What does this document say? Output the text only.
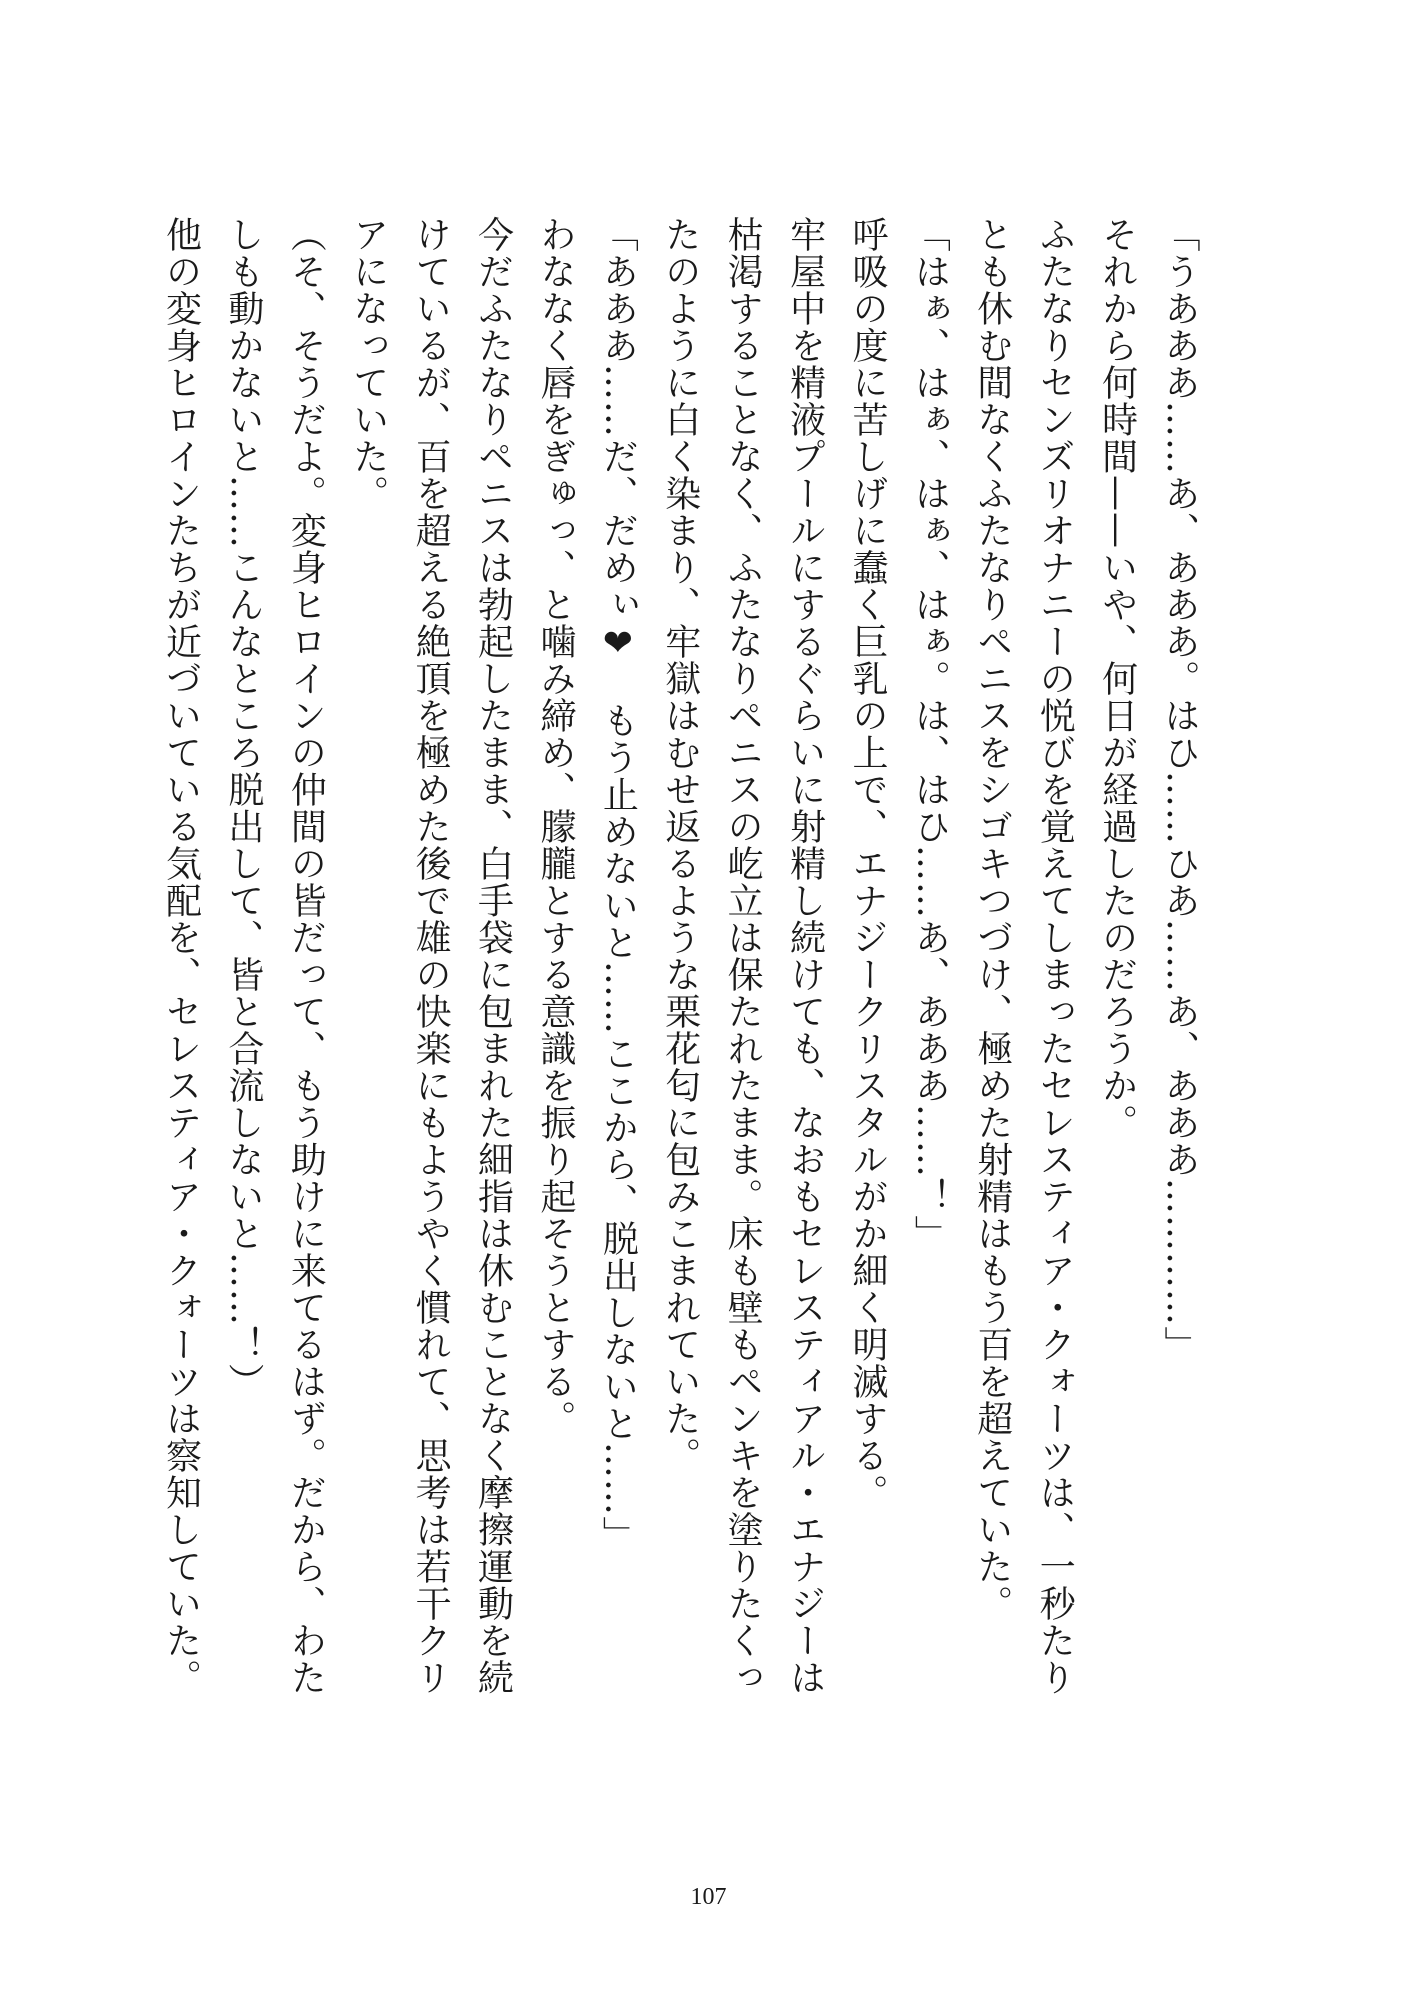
「うあああ……あ、あああ。はひ……ひあ……あ、あああ…………」

それから何時間——いや、何日が経過したのだろうか。

ふたなりセンズリオナニーの悦びを覚えてしまったセレスティア・クォーツは、一秒たりとも休む間なくふたなりペニスをシゴキつづけ、極めた射精はもう百を超えていた。

「はぁ、はぁ、はぁ、はぁ。は、はひ……あ、あああ……！」

呼吸の度に苦しげに蠢く巨乳の上で、エナジークリスタルがか細く明滅する。

牢屋中を精液プールにするぐらいに射精し続けても、なおもセレスティアル・エナジーは枯渇することなく、ふたなりペニスの屹立は保たれたまま。床も壁もペンキを塗りたくったのように白く染まり、牢獄はむせ返るような栗花匂に包みこまれていた。

「あああ……だ、だめぃ❤　もう止めないと……ここから、脱出しないと……」

わななく唇をぎゅっ、と噛み締め、朦朧とする意識を振り起そうとする。

今だふたなりペニスは勃起したまま、白手袋に包まれた細指は休むことなく摩擦運動を続けているが、百を超える絶頂を極めた後で雄の快楽にもようやく慣れて、思考は若干クリアになっていた。

（そ、そうだよ。変身ヒロインの仲間の皆だって、もう助けに来てるはず。だから、わたしも動かないと……こんなところ脱出して、皆と合流しないと……！）

他の変身ヒロインたちが近づいている気配を、セレスティア・クォーツは察知していた。

107
